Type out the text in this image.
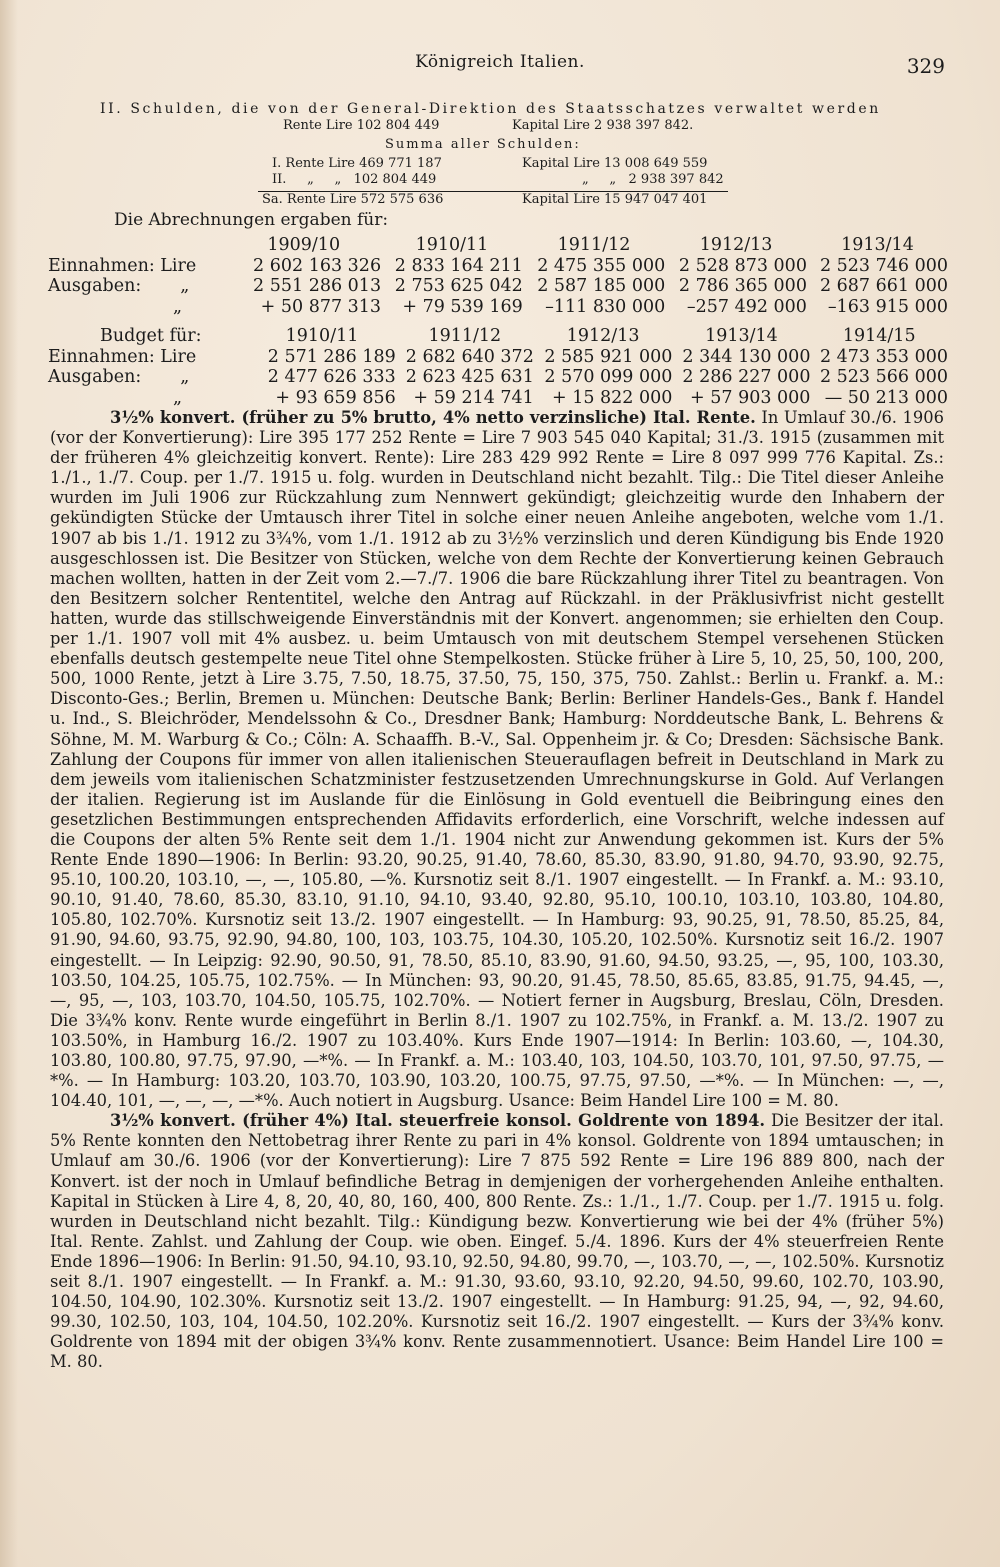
Königreich Italien.	329
II. Schulden, die von der General-Direktion des Staatsschatzes verwaltet werden
Rente Lire 102 804 449	Kapital Lire 2 938 397 842.
Summa aller Schulden:
I. Rente Lire 469 771 187	Kapital Lire 13 008 649 559
II.     „     „   102 804 449	„     „   2 938 397 842
Sa. Rente Lire 572 575 636	Kapital Lire 15 947 047 401
Die Abrechnungen ergaben für:
	1909/10	1910/11	1911/12	1912/13	1913/14
Einnahmen: Lire	2 602 163 326	2 833 164 211	2 475 355 000	2 528 873 000	2 523 746 000
Ausgaben:       „	2 551 286 013	2 753 625 042	2 587 185 000	2 786 365 000	2 687 661 000
„	+ 50 877 313	+ 79 539 169	–111 830 000	–257 492 000	–163 915 000
Budget für:	1910/11	1911/12	1912/13	1913/14	1914/15
Einnahmen: Lire	2 571 286 189	2 682 640 372	2 585 921 000	2 344 130 000	2 473 353 000
Ausgaben:       „	2 477 626 333	2 623 425 631	2 570 099 000	2 286 227 000	2 523 566 000
„	+ 93 659 856	+ 59 214 741	+ 15 822 000	+ 57 903 000	— 50 213 000

3½% konvert. (früher zu 5% brutto, 4% netto verzinsliche) Ital. Rente. In Umlauf 30./6. 1906 (vor der Konvertierung): Lire 395 177 252 Rente = Lire 7 903 545 040 Kapital; 31./3. 1915 (zusammen mit der früheren 4% gleichzeitig konvert. Rente): Lire 283 429 992 Rente = Lire 8 097 999 776 Kapital. Zs.: 1./1., 1./7. Coup. per 1./7. 1915 u. folg. wurden in Deutschland nicht bezahlt. Tilg.: Die Titel dieser Anleihe wurden im Juli 1906 zur Rückzahlung zum Nennwert gekündigt; gleichzeitig wurde den Inhabern der gekündigten Stücke der Umtausch ihrer Titel in solche einer neuen Anleihe angeboten, welche vom 1./1. 1907 ab bis 1./1. 1912 zu 3¾%, vom 1./1. 1912 ab zu 3½% verzinslich und deren Kündigung bis Ende 1920 ausgeschlossen ist. Die Besitzer von Stücken, welche von dem Rechte der Konvertierung keinen Gebrauch machen wollten, hatten in der Zeit vom 2.—7./7. 1906 die bare Rückzahlung ihrer Titel zu beantragen. Von den Besitzern solcher Rententitel, welche den Antrag auf Rückzahl. in der Präklusivfrist nicht gestellt hatten, wurde das stillschweigende Einverständnis mit der Konvert. angenommen; sie erhielten den Coup. per 1./1. 1907 voll mit 4% ausbez. u. beim Umtausch von mit deutschem Stempel versehenen Stücken ebenfalls deutsch gestempelte neue Titel ohne Stempelkosten. Stücke früher à Lire 5, 10, 25, 50, 100, 200, 500, 1000 Rente, jetzt à Lire 3.75, 7.50, 18.75, 37.50, 75, 150, 375, 750. Zahlst.: Berlin u. Frankf. a. M.: Disconto-Ges.; Berlin, Bremen u. München: Deutsche Bank; Berlin: Berliner Handels-Ges., Bank f. Handel u. Ind., S. Bleichröder, Mendelssohn & Co., Dresdner Bank; Hamburg: Norddeutsche Bank, L. Behrens & Söhne, M. M. Warburg & Co.; Cöln: A. Schaaffh. B.-V., Sal. Oppenheim jr. & Co; Dresden: Sächsische Bank. Zahlung der Coupons für immer von allen italienischen Steuerauflagen befreit in Deutschland in Mark zu dem jeweils vom italienischen Schatzminister festzusetzenden Umrechnungskurse in Gold. Auf Verlangen der italien. Regierung ist im Auslande für die Einlösung in Gold eventuell die Beibringung eines den gesetzlichen Bestimmungen entsprechenden Affidavits erforderlich, eine Vorschrift, welche indessen auf die Coupons der alten 5% Rente seit dem 1./1. 1904 nicht zur Anwendung gekommen ist. Kurs der 5% Rente Ende 1890—1906: In Berlin: 93.20, 90.25, 91.40, 78.60, 85.30, 83.90, 91.80, 94.70, 93.90, 92.75, 95.10, 100.20, 103.10, —, —, 105.80, —%. Kursnotiz seit 8./1. 1907 eingestellt. — In Frankf. a. M.: 93.10, 90.10, 91.40, 78.60, 85.30, 83.10, 91.10, 94.10, 93.40, 92.80, 95.10, 100.10, 103.10, 103.80, 104.80, 105.80, 102.70%. Kursnotiz seit 13./2. 1907 eingestellt. — In Hamburg: 93, 90.25, 91, 78.50, 85.25, 84, 91.90, 94.60, 93.75, 92.90, 94.80, 100, 103, 103.75, 104.30, 105.20, 102.50%. Kursnotiz seit 16./2. 1907 eingestellt. — In Leipzig: 92.90, 90.50, 91, 78.50, 85.10, 83.90, 91.60, 94.50, 93.25, —, 95, 100, 103.30, 103.50, 104.25, 105.75, 102.75%. — In München: 93, 90.20, 91.45, 78.50, 85.65, 83.85, 91.75, 94.45, —, —, 95, —, 103, 103.70, 104.50, 105.75, 102.70%. — Notiert ferner in Augsburg, Breslau, Cöln, Dresden. Die 3¾% konv. Rente wurde eingeführt in Berlin 8./1. 1907 zu 102.75%, in Frankf. a. M. 13./2. 1907 zu 103.50%, in Hamburg 16./2. 1907 zu 103.40%. Kurs Ende 1907—1914: In Berlin: 103.60, —, 104.30, 103.80, 100.80, 97.75, 97.90, —*%. — In Frankf. a. M.: 103.40, 103, 104.50, 103.70, 101, 97.50, 97.75, —*%. — In Hamburg: 103.20, 103.70, 103.90, 103.20, 100.75, 97.75, 97.50, —*%. — In München: —, —, 104.40, 101, —, —, —, —*%. Auch notiert in Augsburg. Usance: Beim Handel Lire 100 = M. 80.

3½% konvert. (früher 4%) Ital. steuerfreie konsol. Goldrente von 1894. Die Besitzer der ital. 5% Rente konnten den Nettobetrag ihrer Rente zu pari in 4% konsol. Goldrente von 1894 umtauschen; in Umlauf am 30./6. 1906 (vor der Konvertierung): Lire 7 875 592 Rente = Lire 196 889 800, nach der Konvert. ist der noch in Umlauf befindliche Betrag in demjenigen der vorhergehenden Anleihe enthalten. Kapital in Stücken à Lire 4, 8, 20, 40, 80, 160, 400, 800 Rente. Zs.: 1./1., 1./7. Coup. per 1./7. 1915 u. folg. wurden in Deutschland nicht bezahlt. Tilg.: Kündigung bezw. Konvertierung wie bei der 4% (früher 5%) Ital. Rente. Zahlst. und Zahlung der Coup. wie oben. Eingef. 5./4. 1896. Kurs der 4% steuerfreien Rente Ende 1896—1906: In Berlin: 91.50, 94.10, 93.10, 92.50, 94.80, 99.70, —, 103.70, —, —, 102.50%. Kursnotiz seit 8./1. 1907 eingestellt. — In Frankf. a. M.: 91.30, 93.60, 93.10, 92.20, 94.50, 99.60, 102.70, 103.90, 104.50, 104.90, 102.30%. Kursnotiz seit 13./2. 1907 eingestellt. — In Hamburg: 91.25, 94, —, 92, 94.60, 99.30, 102.50, 103, 104, 104.50, 102.20%. Kursnotiz seit 16./2. 1907 eingestellt. — Kurs der 3¾% konv. Goldrente von 1894 mit der obigen 3¾% konv. Rente zusammennotiert. Usance: Beim Handel Lire 100 = M. 80.
